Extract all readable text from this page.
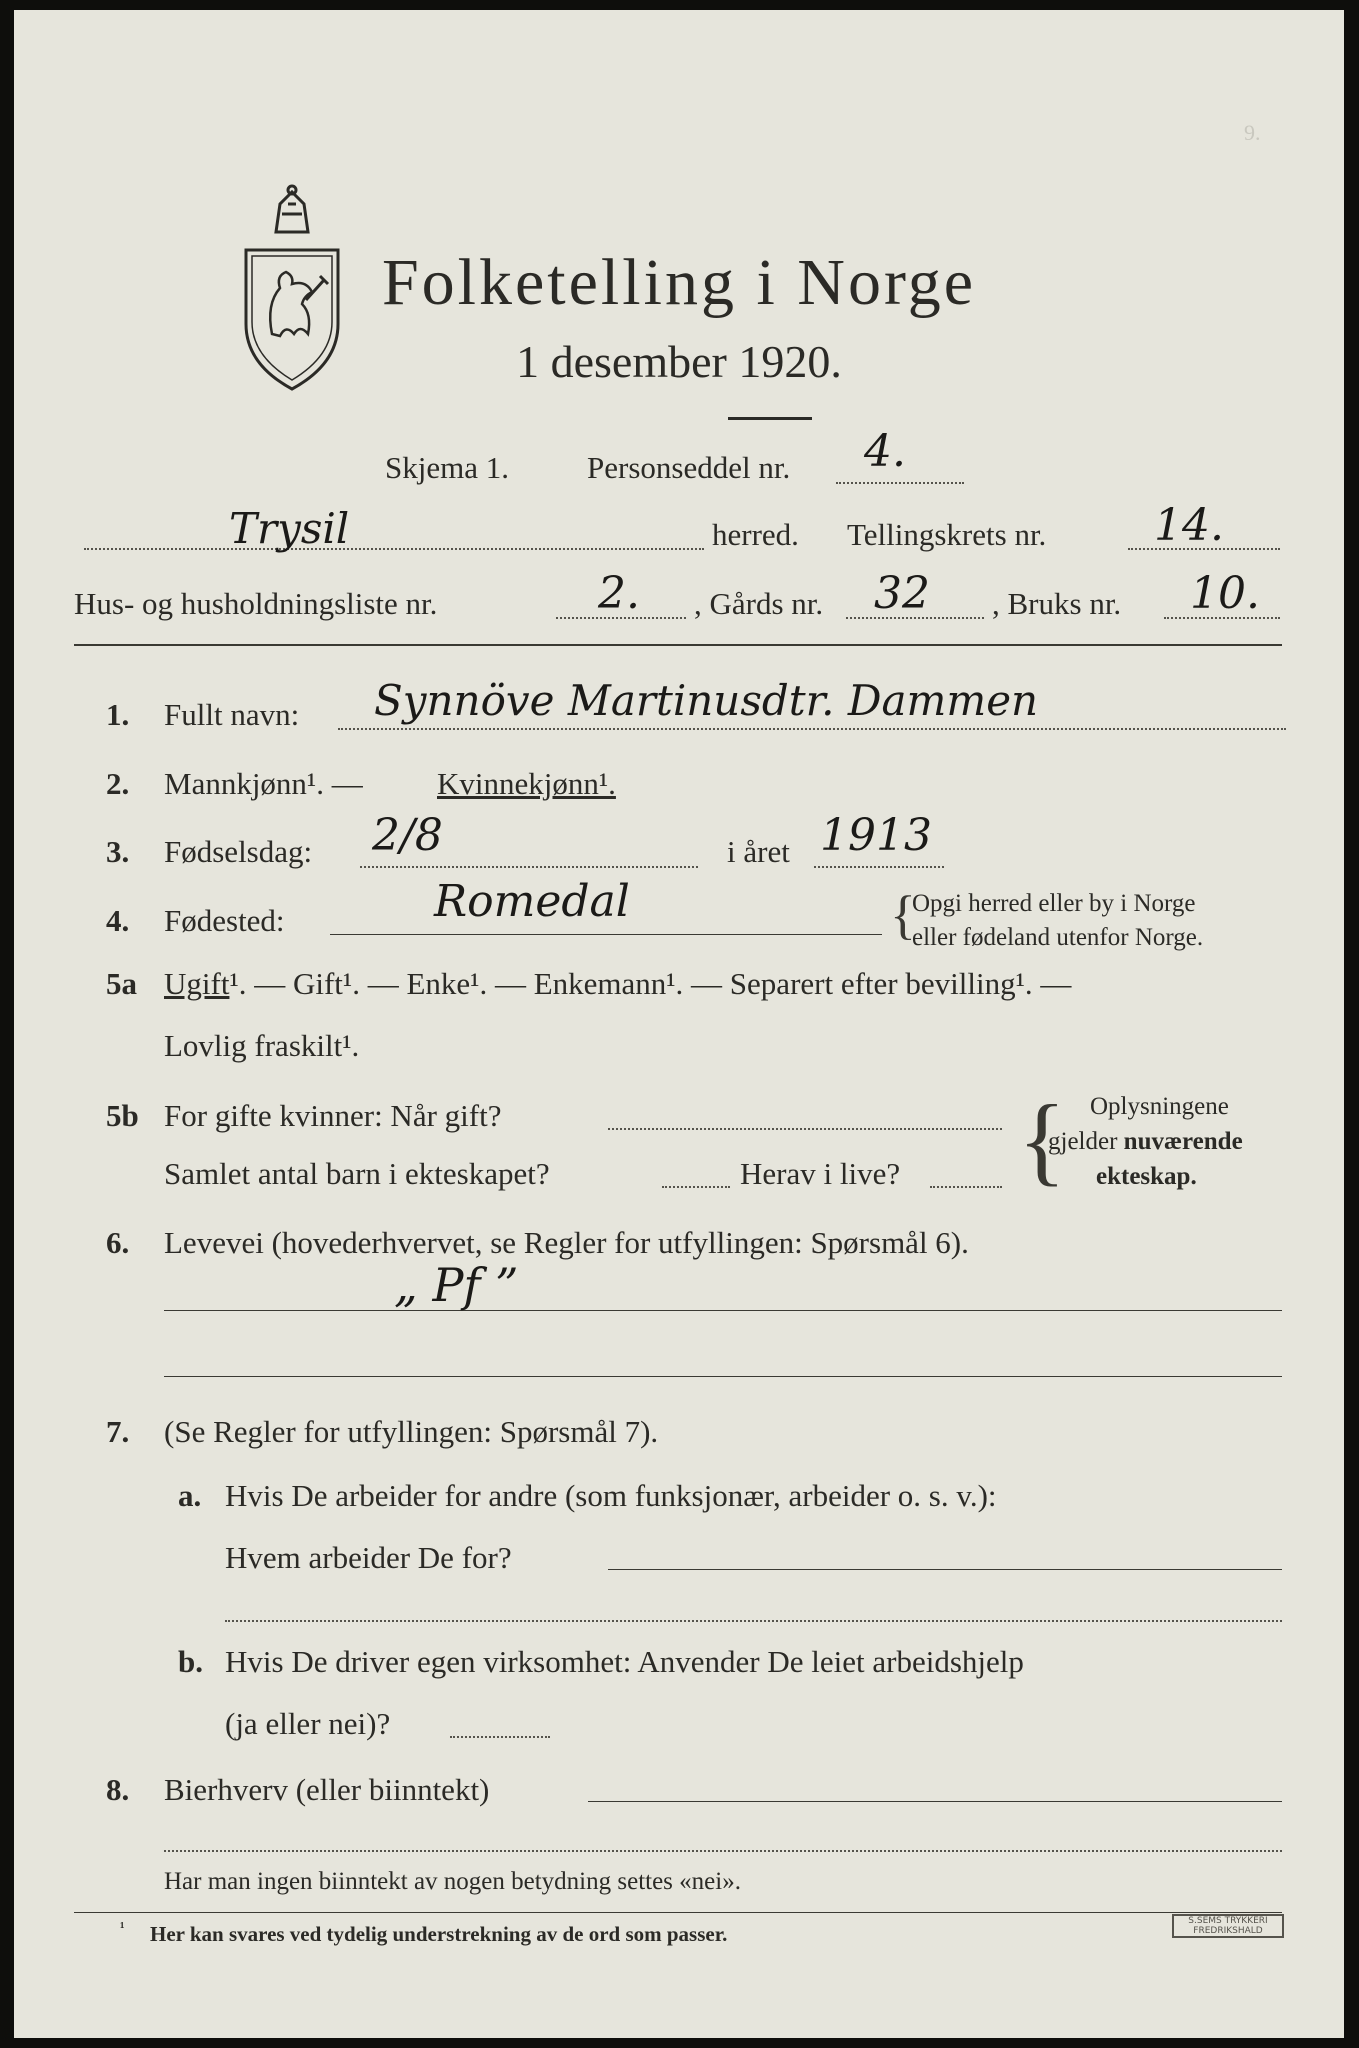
9.
Folketelling i Norge
1 desember 1920.
Skjema 1.	Personseddel nr. 4.
Trysil	herred. Tellingskrets nr. 14.
Hus- og husholdningsliste nr.	2. , Gårds nr. 32 , Bruks nr. 10.
1. Fullt navn: Synnöve Martinusdtr. Dammen
2. Mannkjønn¹. — Kvinnekjønn¹.
3. Fødselsdag: 2/8	i året 1913
4. Fødested:	Romedal	{
Opgi herred eller by i Norge
eller fødeland utenfor Norge.
5a Ugift¹. — Gift¹. — Enke¹. — Enkemann¹. — Separert efter bevilling¹. —
Lovlig fraskilt¹.
5b For gifte kvinner: Når gift?
Samlet antal barn i ekteskapet?	Herav i live? { Oplysningene
gjelder nuværende
ekteskap.
6. Levevei (hovederhvervet, se Regler for utfyllingen: Spørsmål 6).
„ Pf ”
7. (Se Regler for utfyllingen: Spørsmål 7).
a. Hvis De arbeider for andre (som funksjonær, arbeider o. s. v.):
Hvem arbeider De for?
b. Hvis De driver egen virksomhet: Anvender De leiet arbeidshjelp
(ja eller nei)?
8. Bierhverv (eller biinntekt)
Har man ingen biinntekt av nogen betydning settes «nei».
¹ Her kan svares ved tydelig understrekning av de ord som passer.
S.SEMS TRYKKERI
FREDRIKSHALD
